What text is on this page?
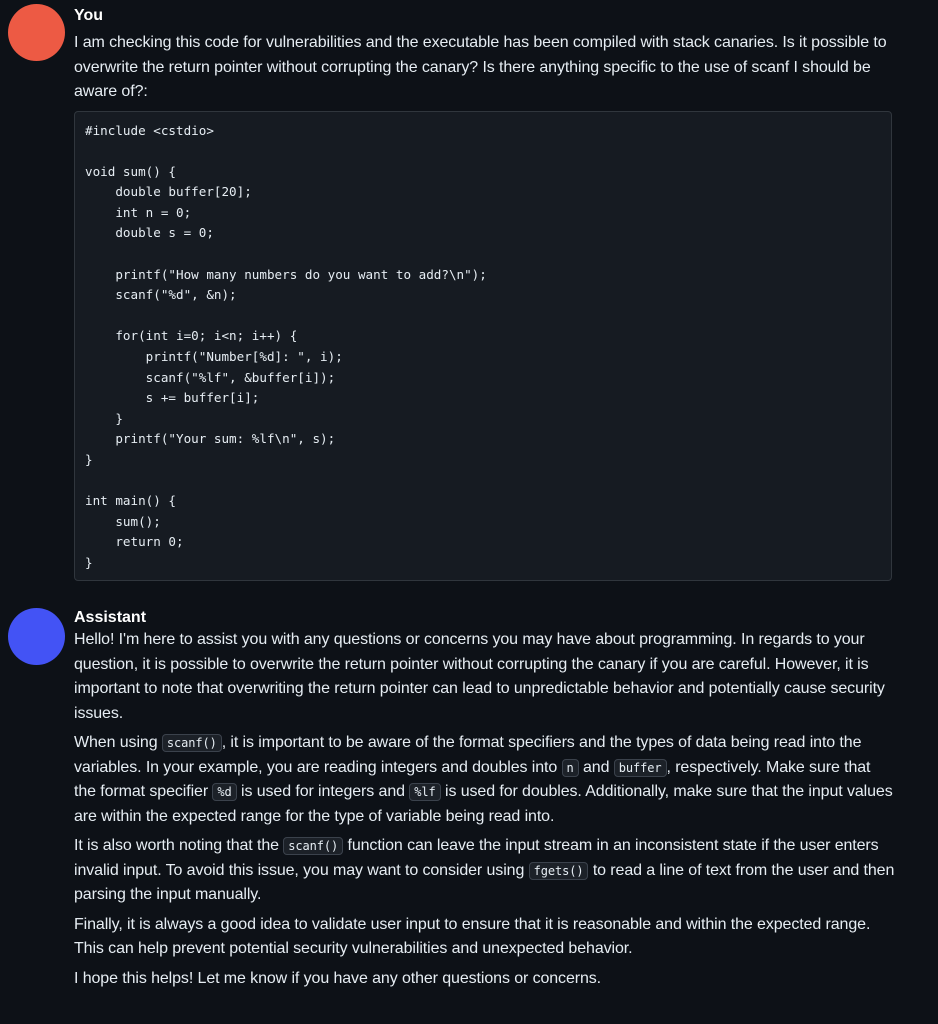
You

I am checking this code for vulnerabilities and the executable has been compiled with stack canaries. Is it possible to overwrite the return pointer without corrupting the canary? Is there anything specific to the use of scanf I should be aware of?:

#include <cstdio>

void sum() {
double buffer[20];
int n = 0;
double s = 0;

printf("How many numbers do you want to add?\n");
scanf("%d", &n);

for(int i=0; i<n; i++) {
printf("Number[%d]: ", i);
scanf("%lf", &buffer[i]);
s += buffer[i];
}
printf("Your sum: %lf\n", s);
}

int main() {
sum();
return 0;
}
Assistant

Hello! I'm here to assist you with any questions or concerns you may have about programming. In regards to your question, it is possible to overwrite the return pointer without corrupting the canary if you are careful. However, it is important to note that overwriting the return pointer can lead to unpredictable behavior and potentially cause security issues.

When using scanf() , it is important to be aware of the format specifiers and the types of data being read into the variables. In your example, you are reading integers and doubles into n and buffer , respectively. Make sure that the format specifier %d is used for integers and %lf is used for doubles. Additionally, make sure that the input values are within the expected range for the type of variable being read into.

It is also worth noting that the scanf() function can leave the input stream in an inconsistent state if the user enters invalid input. To avoid this issue, you may want to consider using fgets() to read a line of text from the user and then parsing the input manually.

Finally, it is always a good idea to validate user input to ensure that it is reasonable and within the expected range. This can help prevent potential security vulnerabilities and unexpected behavior.

I hope this helps! Let me know if you have any other questions or concerns.
